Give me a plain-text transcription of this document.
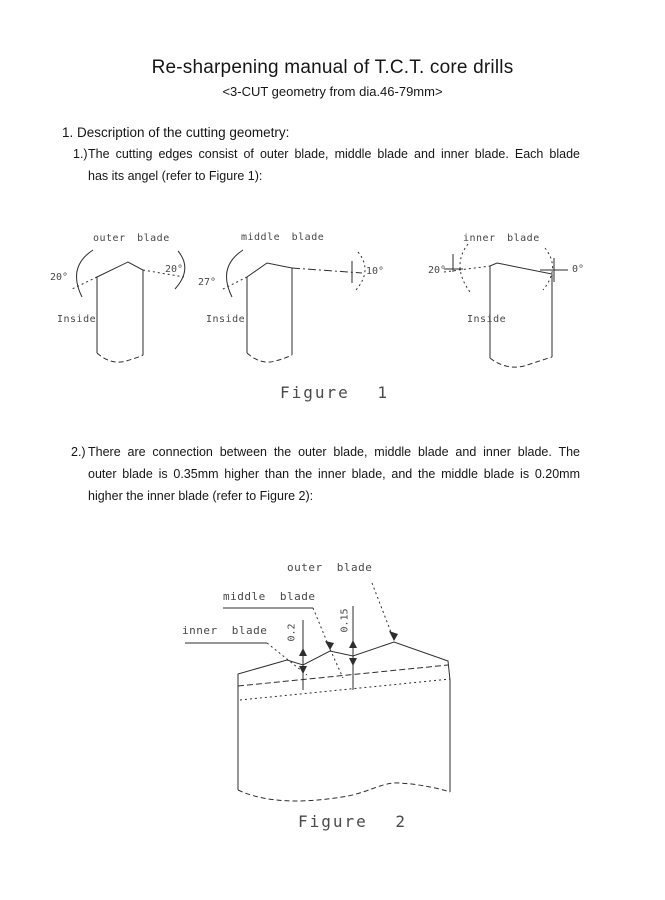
Re-sharpening manual of T.C.T. core drills
<3-CUT geometry from dia.46-79mm>
1. Description of the cutting geometry:
1.) The cutting edges consist of outer blade, middle blade and inner blade. Each blade
has its angel (refer to Figure 1):
2.) There are connection between the outer blade, middle blade and inner blade. The
outer blade is 0.35mm higher than the inner blade, and the middle blade is 0.20mm
higher the inner blade (refer to Figure 2):
outer blade	middle blade	inner blade
20°
20°
27°
10°	20°	0°
Inside	Inside	Inside
Figure 1
outer blade
middle blade
inner blade 0.2	0.15
Figure 2
